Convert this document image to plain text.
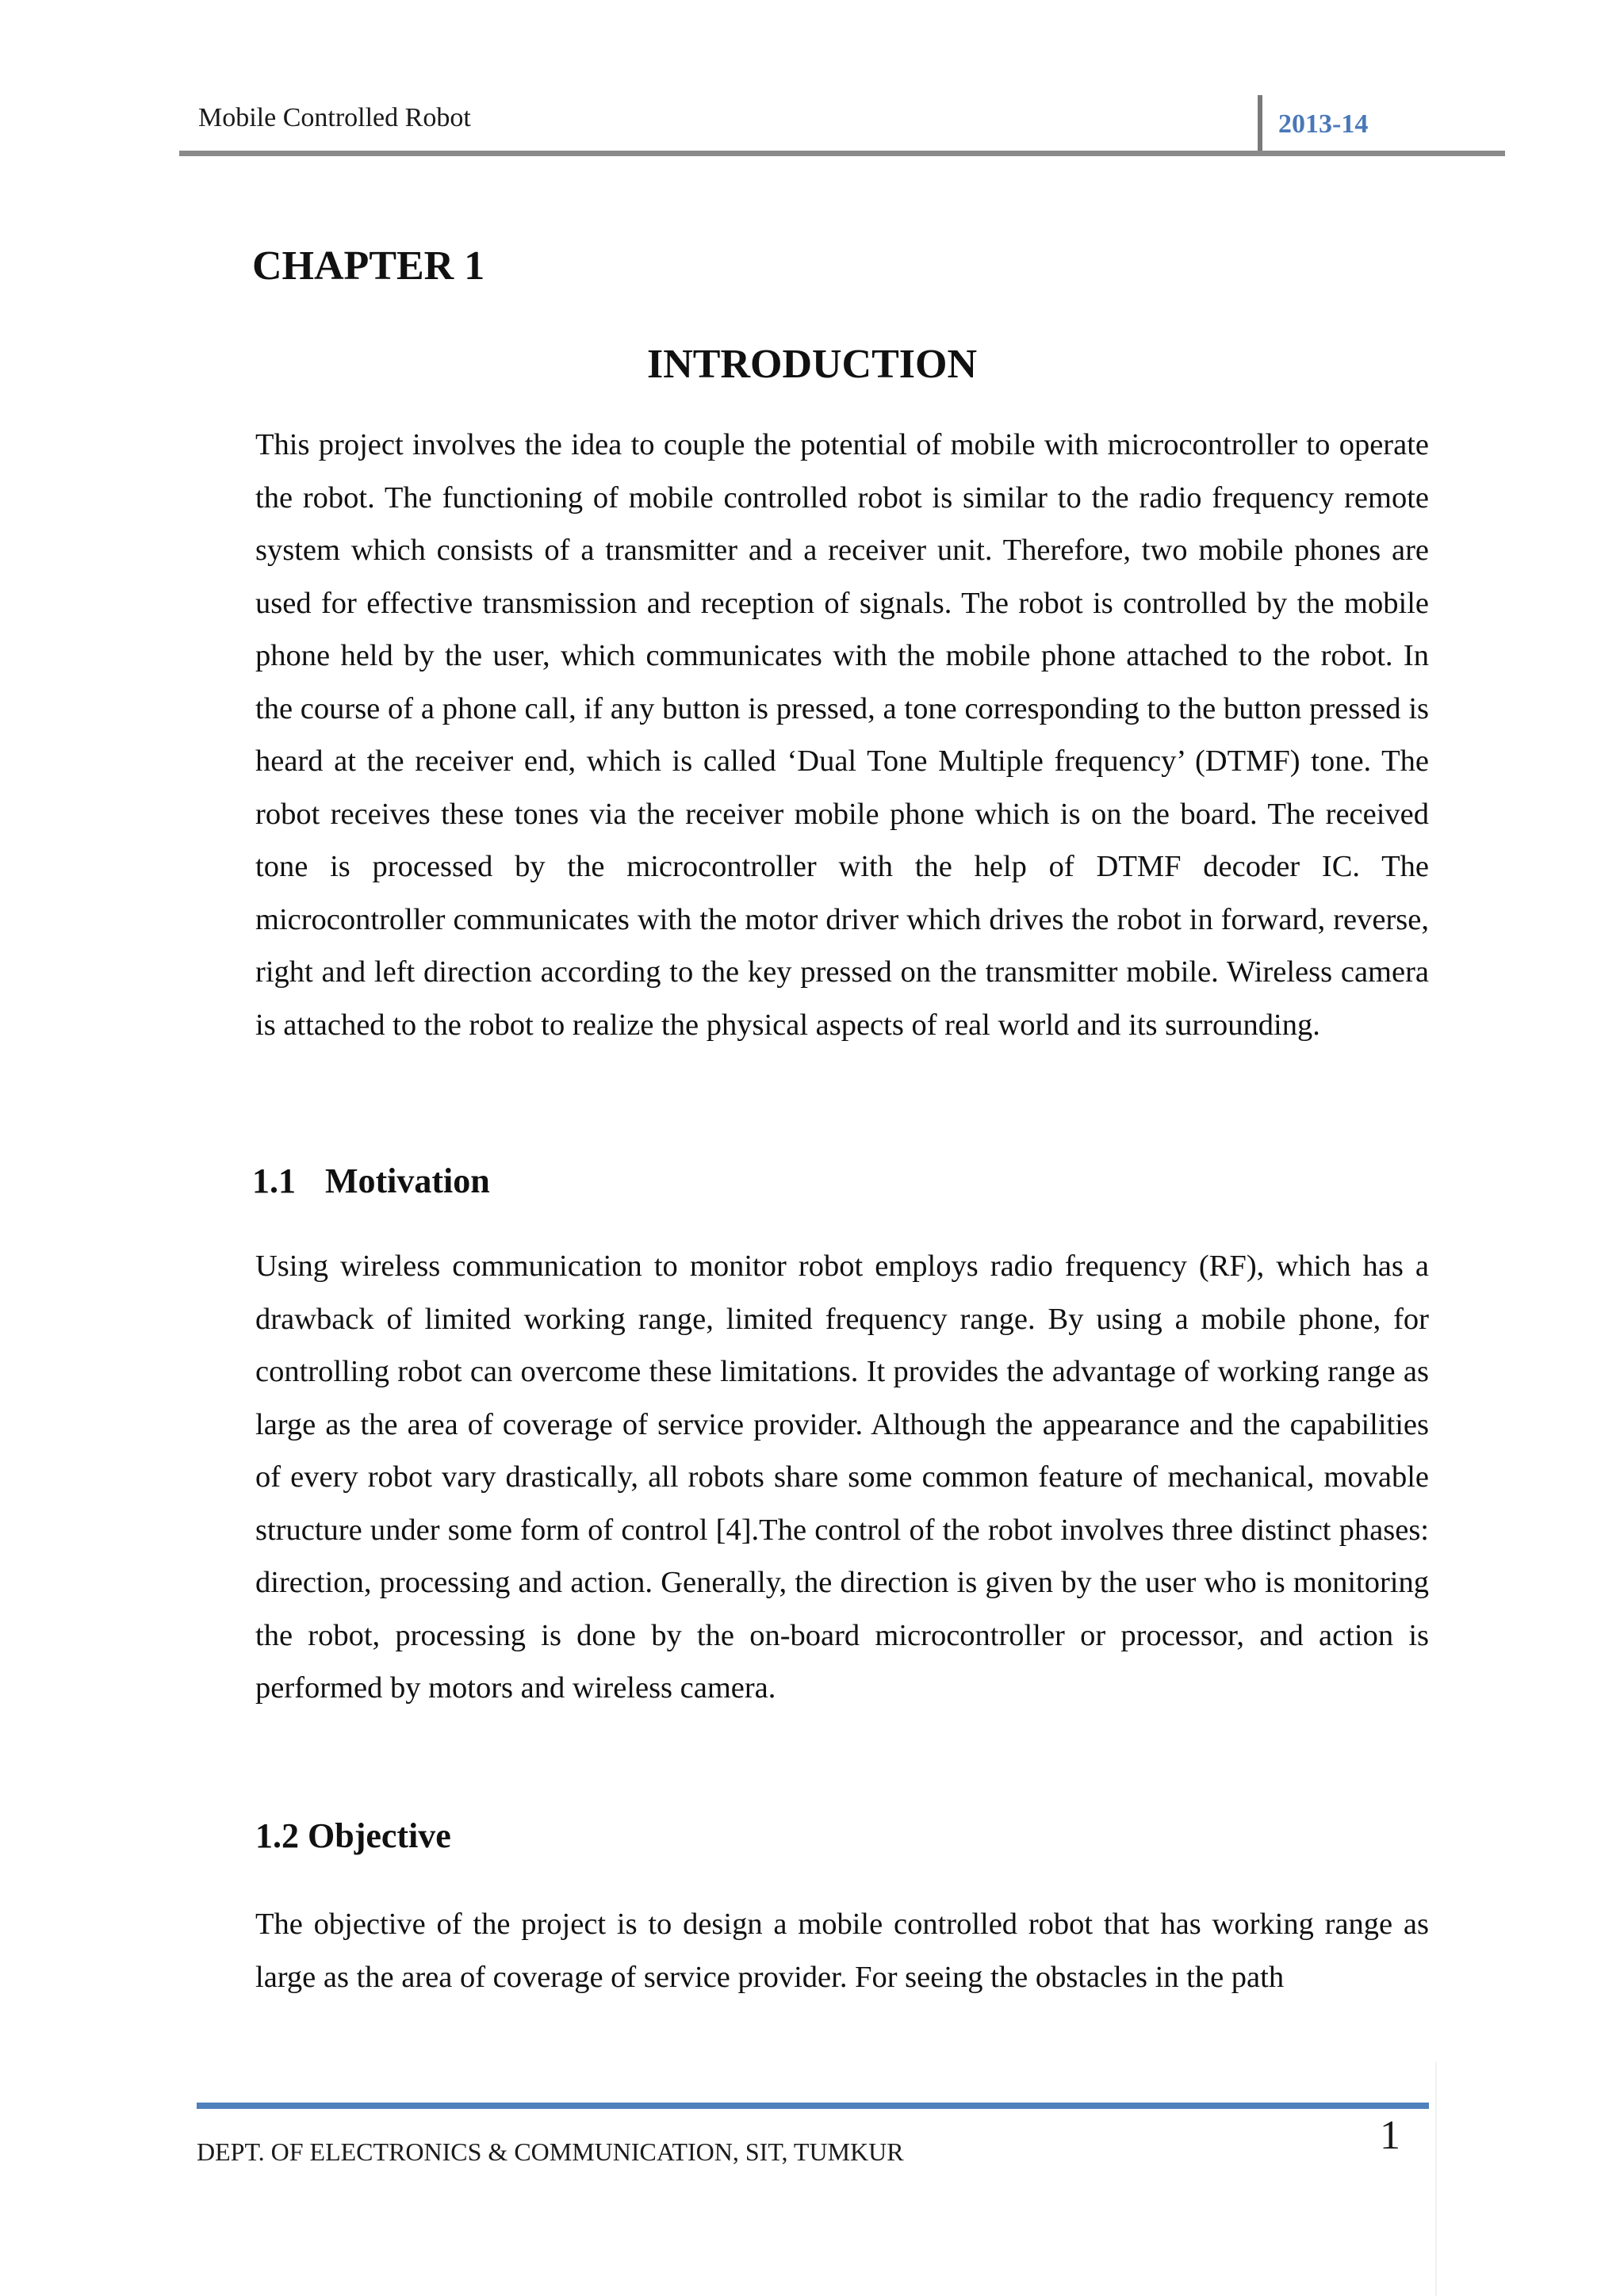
Mobile Controlled Robot	2013-14
CHAPTER 1
INTRODUCTION
This project involves the idea to couple the potential of mobile with microcontroller to operate the robot. The functioning of mobile controlled robot is similar to the radio frequency remote system which consists of a transmitter and a receiver unit. Therefore, two mobile phones are used for effective transmission and reception of signals. The robot is controlled by the mobile phone held by the user, which communicates with the mobile phone attached to the robot. In the course of a phone call, if any button is pressed, a tone corresponding to the button pressed is heard at the receiver end, which is called ‘Dual Tone Multiple frequency’ (DTMF) tone. The robot receives these tones via the receiver mobile phone which is on the board. The received tone is processed by the microcontroller with the help of DTMF decoder IC. The microcontroller communicates with the motor driver which drives the robot in forward, reverse, right and left direction according to the key pressed on the transmitter mobile. Wireless camera is attached to the robot to realize the physical aspects of real world and its surrounding.
1.1 Motivation
Using wireless communication to monitor robot employs radio frequency (RF), which has a drawback of limited working range, limited frequency range. By using a mobile phone, for controlling robot can overcome these limitations. It provides the advantage of working range as large as the area of coverage of service provider. Although the appearance and the capabilities of every robot vary drastically, all robots share some common feature of mechanical, movable structure under some form of control [4].The control of the robot involves three distinct phases: direction, processing and action. Generally, the direction is given by the user who is monitoring the robot, processing is done by the on-board microcontroller or processor, and action is performed by motors and wireless camera.
1.2 Objective
The objective of the project is to design a mobile controlled robot that has working range as large as the area of coverage of service provider. For seeing the obstacles in the path
DEPT. OF ELECTRONICS & COMMUNICATION, SIT, TUMKUR	1
